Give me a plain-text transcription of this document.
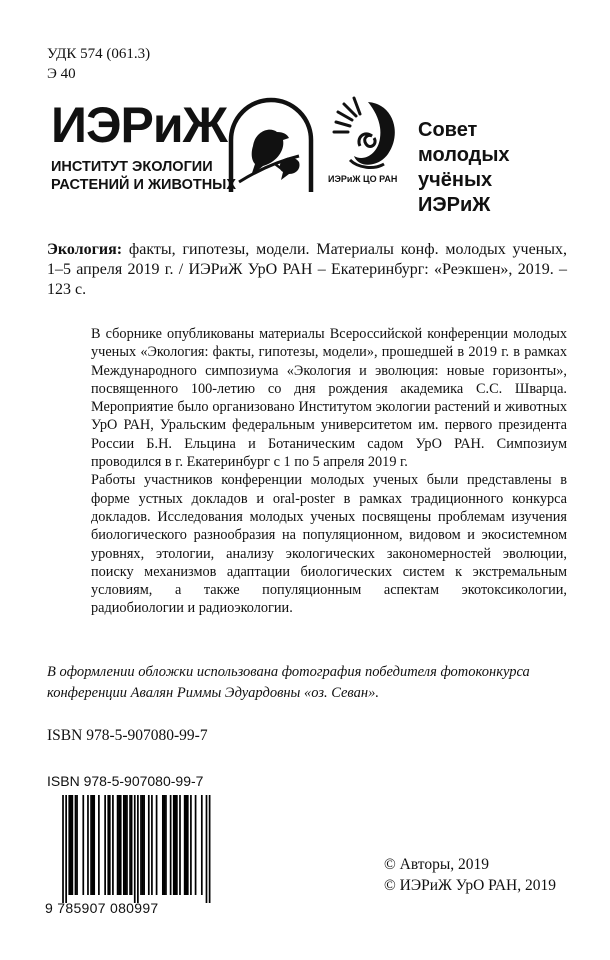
УДК 574 (061.3)
Э 40
ИЭРиЖ
ИНСТИТУТ ЭКОЛОГИИ
РАСТЕНИЙ И ЖИВОТНЫХ
Совет молодых
учёных ИЭРиЖ
ИЭРиЖ ЦО РАН
Экология: факты, гипотезы, модели. Материалы конф. молодых ученых, 1–5 апреля 2019 г. / ИЭРиЖ УрО РАН – Екатеринбург: «Реэкшен», 2019. – 123 с.

В сборнике опубликованы материалы Всероссийской конференции молодых ученых «Экология: факты, гипотезы, модели», прошедшей в 2019 г. в рамках Международного симпозиума «Экология и эволюция: новые горизонты», посвященного 100-летию со дня рождения академика С.С. Шварца. Мероприятие было организовано Институтом экологии растений и животных УрО РАН, Уральским федеральным университетом им. первого президента России Б.Н. Ельцина и Ботаническим садом УрО РАН. Симпозиум проводился в г. Екатеринбург с 1 по 5 апреля 2019 г.

Работы участников конференции молодых ученых были представлены в форме устных докладов и oral-poster в рамках традиционного конкурса докладов. Исследования молодых ученых посвящены проблемам изучения биологического разнообразия на популяционном, видовом и экосистемном уровнях, этологии, анализу экологических закономерностей эволюции, поиску механизмов адаптации биологических систем к экстремальным условиям, а также популяционным аспектам экотоксикологии, радиобиологии и радиоэкологии.

В оформлении обложки использована фотография победителя фотоконкурса конференции Авалян Риммы Эдуардовны «оз. Севан».
ISBN 978-5-907080-99-7
ISBN 978-5-907080-99-7
9 785907 080997
© Авторы, 2019
© ИЭРиЖ УрО РАН, 2019
